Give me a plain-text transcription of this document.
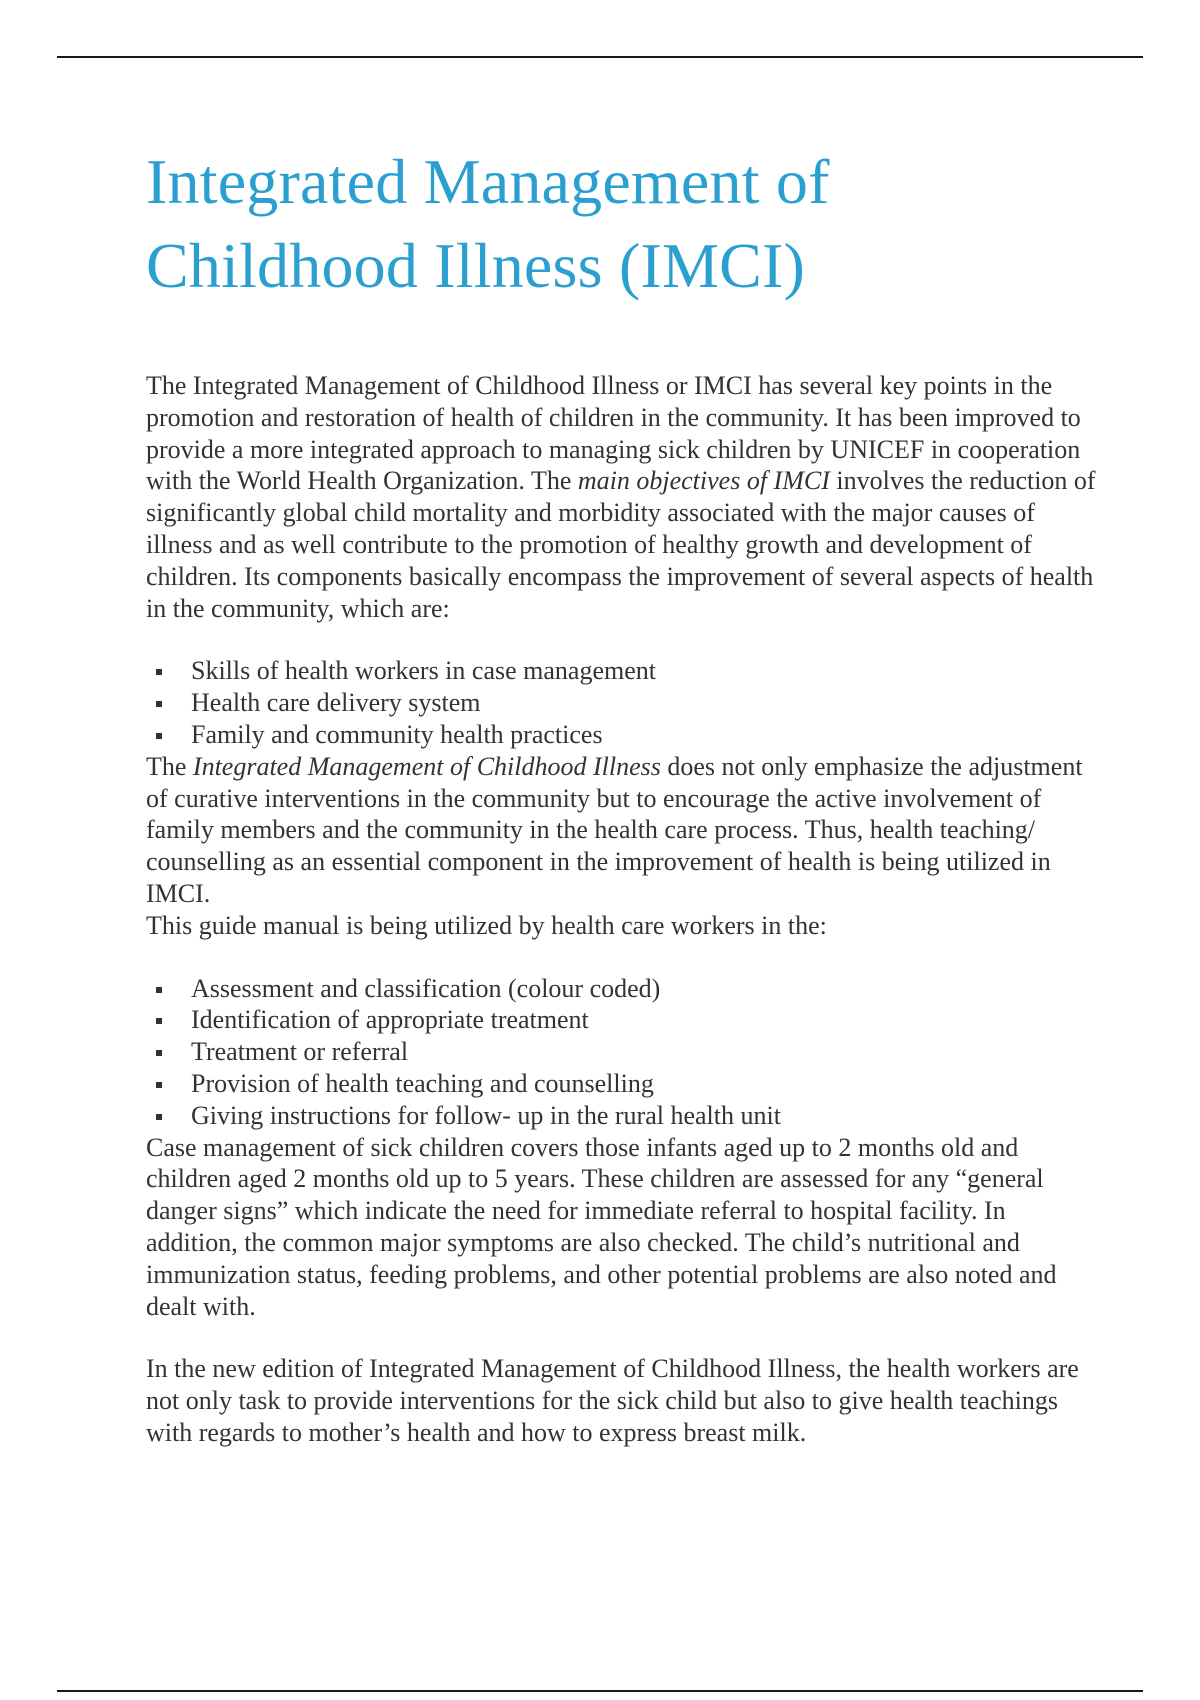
Integrated Management of
Childhood Illness (IMCI)

The Integrated Management of Childhood Illness or IMCI has several key points in the promotion and restoration of health of children in the community. It has been improved to provide a more integrated approach to managing sick children by UNICEF in cooperation with the World Health Organization. The main objectives of IMCI involves the reduction of significantly global child mortality and morbidity associated with the major causes of illness and as well contribute to the promotion of healthy growth and development of children. Its components basically encompass the improvement of several aspects of health in the community, which are:

Skills of health workers in case management
Health care delivery system
Family and community health practices

The Integrated Management of Childhood Illness does not only emphasize the adjustment of curative interventions in the community but to encourage the active involvement of family members and the community in the health care process. Thus, health teaching/ counselling as an essential component in the improvement of health is being utilized in IMCI.

This guide manual is being utilized by health care workers in the:

Assessment and classification (colour coded)
Identification of appropriate treatment
Treatment or referral
Provision of health teaching and counselling
Giving instructions for follow- up in the rural health unit

Case management of sick children covers those infants aged up to 2 months old and children aged 2 months old up to 5 years. These children are assessed for any “general danger signs” which indicate the need for immediate referral to hospital facility. In addition, the common major symptoms are also checked. The child’s nutritional and immunization status, feeding problems, and other potential problems are also noted and dealt with.

In the new edition of Integrated Management of Childhood Illness, the health workers are not only task to provide interventions for the sick child but also to give health teachings with regards to mother’s health and how to express breast milk.
